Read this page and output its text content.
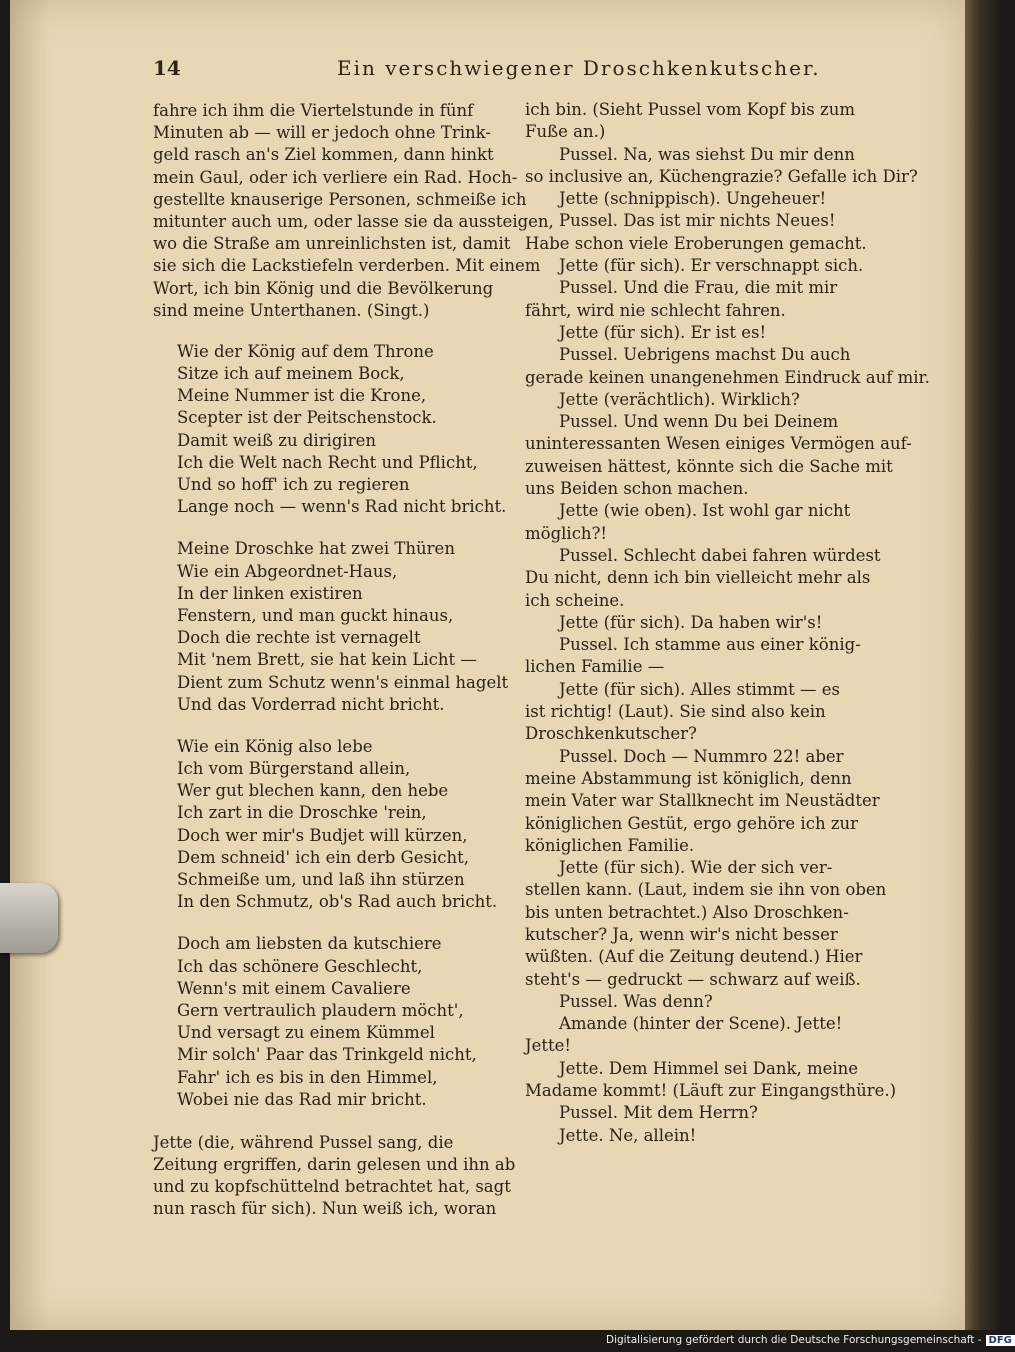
14	Ein verschwiegener Droschkenkutscher.
fahre ich ihm die Viertelstunde in fünf
Minuten ab — will er jedoch ohne Trink-
geld rasch an's Ziel kommen, dann hinkt
mein Gaul, oder ich verliere ein Rad. Hoch-
gestellte knauserige Personen, schmeiße ich
mitunter auch um, oder lasse sie da aussteigen,
wo die Straße am unreinlichsten ist, damit
sie sich die Lackstiefeln verderben. Mit einem
Wort, ich bin König und die Bevölkerung
sind meine Unterthanen. (Singt.)
Wie der König auf dem Throne
Sitze ich auf meinem Bock,
Meine Nummer ist die Krone,
Scepter ist der Peitschenstock.
Damit weiß zu dirigiren
Ich die Welt nach Recht und Pflicht,
Und so hoff' ich zu regieren
Lange noch — wenn's Rad nicht bricht.
Meine Droschke hat zwei Thüren
Wie ein Abgeordnet-Haus,
In der linken existiren
Fenstern, und man guckt hinaus,
Doch die rechte ist vernagelt
Mit 'nem Brett, sie hat kein Licht —
Dient zum Schutz wenn's einmal hagelt
Und das Vorderrad nicht bricht.
Wie ein König also lebe
Ich vom Bürgerstand allein,
Wer gut blechen kann, den hebe
Ich zart in die Droschke 'rein,
Doch wer mir's Budjet will kürzen,
Dem schneid' ich ein derb Gesicht,
Schmeiße um, und laß ihn stürzen
In den Schmutz, ob's Rad auch bricht.
Doch am liebsten da kutschiere
Ich das schönere Geschlecht,
Wenn's mit einem Cavaliere
Gern vertraulich plaudern möcht',
Und versagt zu einem Kümmel
Mir solch' Paar das Trinkgeld nicht,
Fahr' ich es bis in den Himmel,
Wobei nie das Rad mir bricht.
Jette (die, während Pussel sang, die
Zeitung ergriffen, darin gelesen und ihn ab
und zu kopfschüttelnd betrachtet hat, sagt
nun rasch für sich). Nun weiß ich, woran
ich bin. (Sieht Pussel vom Kopf bis zum
Fuße an.)
Pussel. Na, was siehst Du mir denn
so inclusive an, Küchengrazie? Gefalle ich Dir?
Jette (schnippisch). Ungeheuer!
Pussel. Das ist mir nichts Neues!
Habe schon viele Eroberungen gemacht.
Jette (für sich). Er verschnappt sich.
Pussel. Und die Frau, die mit mir
fährt, wird nie schlecht fahren.
Jette (für sich). Er ist es!
Pussel. Uebrigens machst Du auch
gerade keinen unangenehmen Eindruck auf mir.
Jette (verächtlich). Wirklich?
Pussel. Und wenn Du bei Deinem
uninteressanten Wesen einiges Vermögen auf-
zuweisen hättest, könnte sich die Sache mit
uns Beiden schon machen.
Jette (wie oben). Ist wohl gar nicht
möglich?!
Pussel. Schlecht dabei fahren würdest
Du nicht, denn ich bin vielleicht mehr als
ich scheine.
Jette (für sich). Da haben wir's!
Pussel. Ich stamme aus einer könig-
lichen Familie —
Jette (für sich). Alles stimmt — es
ist richtig! (Laut). Sie sind also kein
Droschkenkutscher?
Pussel. Doch — Nummro 22! aber
meine Abstammung ist königlich, denn
mein Vater war Stallknecht im Neustädter
königlichen Gestüt, ergo gehöre ich zur
königlichen Familie.
Jette (für sich). Wie der sich ver-
stellen kann. (Laut, indem sie ihn von oben
bis unten betrachtet.) Also Droschken-
kutscher? Ja, wenn wir's nicht besser
wüßten. (Auf die Zeitung deutend.) Hier
steht's — gedruckt — schwarz auf weiß.
Pussel. Was denn?
Amande (hinter der Scene). Jette!
Jette!
Jette. Dem Himmel sei Dank, meine
Madame kommt! (Läuft zur Eingangsthüre.)
Pussel. Mit dem Herrn?
Jette. Ne, allein!
Digitalisierung gefördert durch die Deutsche Forschungsgemeinschaft - DFG
